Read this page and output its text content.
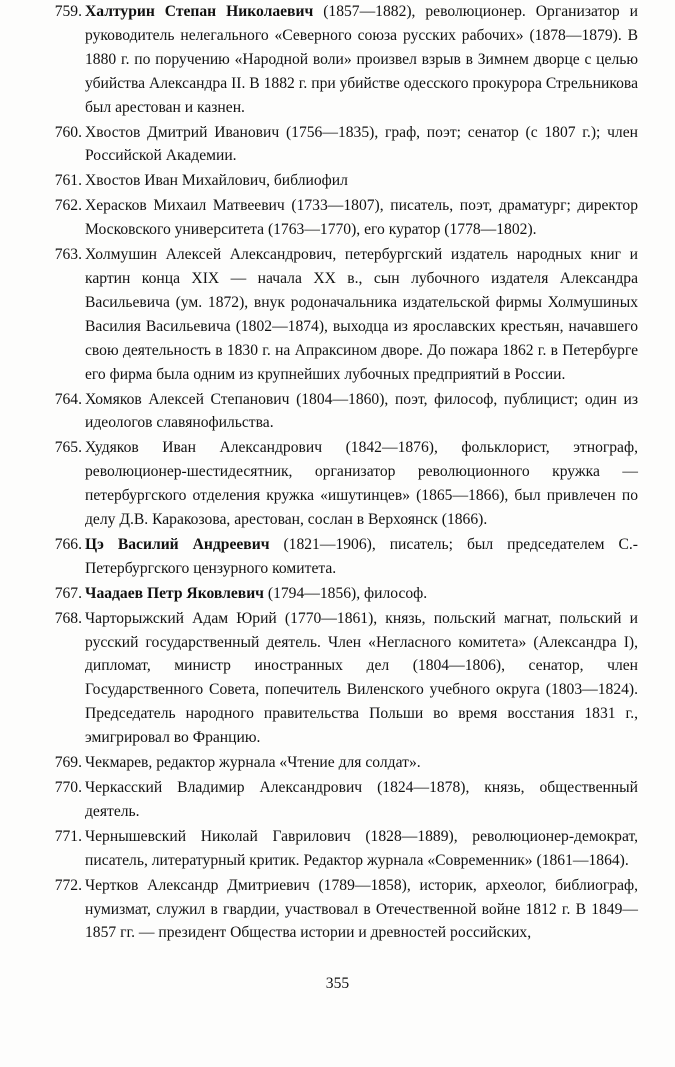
759. Халтурин Степан Николаевич (1857—1882), революционер. Организатор и руководитель нелегального «Северного союза русских рабочих» (1878—1879). В 1880 г. по поручению «Народной воли» произвел взрыв в Зимнем дворце с целью убийства Александра II. В 1882 г. при убийстве одесского прокурора Стрельникова был арестован и казнен.
760. Хвостов Дмитрий Иванович (1756—1835), граф, поэт; сенатор (с 1807 г.); член Российской Академии.
761. Хвостов Иван Михайлович, библиофил
762. Херасков Михаил Матвеевич (1733—1807), писатель, поэт, драматург; директор Московского университета (1763—1770), его куратор (1778—1802).
763. Холмушин Алексей Александрович, петербургский издатель народных книг и картин конца XIX — начала XX в., сын лубочного издателя Александра Васильевича (ум. 1872), внук родоначальника издательской фирмы Холмушиных Василия Васильевича (1802—1874), выходца из ярославских крестьян, начавшего свою деятельность в 1830 г. на Апраксином дворе. До пожара 1862 г. в Петербурге его фирма была одним из крупнейших лубочных предприятий в России.
764. Хомяков Алексей Степанович (1804—1860), поэт, философ, публицист; один из идеологов славянофильства.
765. Худяков Иван Александрович (1842—1876), фольклорист, этнограф, революционер-шестидесятник, организатор революционного кружка — петербургского отделения кружка «ишутинцев» (1865—1866), был привлечен по делу Д.В. Каракозова, арестован, сослан в Верхоянск (1866).
766. Цэ Василий Андреевич (1821—1906), писатель; был председателем С.-Петербургского цензурного комитета.
767. Чаадаев Петр Яковлевич (1794—1856), философ.
768. Чарторыжский Адам Юрий (1770—1861), князь, польский магнат, польский и русский государственный деятель. Член «Негласного комитета» (Александра I), дипломат, министр иностранных дел (1804—1806), сенатор, член Государственного Совета, попечитель Виленского учебного округа (1803—1824). Председатель народного правительства Польши во время восстания 1831 г., эмигрировал во Францию.
769. Чекмарев, редактор журнала «Чтение для солдат».
770. Черкасский Владимир Александрович (1824—1878), князь, общественный деятель.
771. Чернышевский Николай Гаврилович (1828—1889), революционер-демократ, писатель, литературный критик. Редактор журнала «Современник» (1861—1864).
772. Чертков Александр Дмитриевич (1789—1858), историк, археолог, библиограф, нумизмат, служил в гвардии, участвовал в Отечественной войне 1812 г. В 1849—1857 гг. — президент Общества истории и древностей российских,
355
